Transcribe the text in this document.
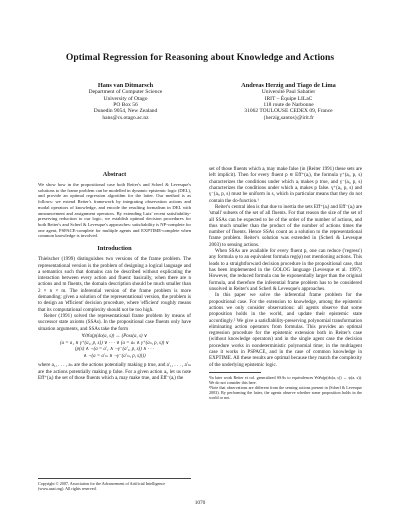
Optimal Regression for Reasoning about Knowledge and Actions
Hans van Ditmarsch
Department of Computer Science
University of Otago
PO Box 56
Dunedin 9054, New Zealand
hans@cs.otago.ac.nz
Andreas Herzig and Tiago de Lima
Université Paul Sabatier
IRIT – Équipe LILaC
118 route de Narbonne
31062 TOULOUSE CEDEX 09, France
{herzig,santos}@irit.fr
Abstract

We show how in the propositional case both Reiter's and Scherl & Levesque's solutions to the frame problem can be modelled in dynamic epistemic logic (DEL), and provide an optimal regression algorithm for the latter. Our method is as follows: we extend Reiter's framework by integrating observation actions and modal operators of knowledge, and encode the resulting formalism in DEL with announcement and assignment operators. By extending Lutz' recent satisfiability-preserving reduction to our logic, we establish optimal decision procedures for both Reiter's and Scherl & Levesque's approaches: satisfiability is NP-complete for one agent, PSPACE-complete for multiple agents and EXPTIME-complete when common knowledge is involved.

Introduction

Thielscher (1999) distinguishes two versions of the frame problem. The representational version is the problem of designing a logical language and a semantics such that domains can be described without explicating the interaction between every action and fluent: basically, when there are n actions and m fluents, the domain description should be much smaller than 2 × n × m. The inferential version of the frame problem is more demanding: given a solution of the representational version, the problem is to design an 'efficient' decision procedure, where 'efficient' roughly means that its computational complexity should not be too high.

Reiter (1991) solved the representational frame problem by means of successor state axioms (SSAs). In the propositional case fluents only have situation arguments, and SSAs take the form

∀s∀a(p(do(a, s)) ↔ (Poss(a, s) ∨
(a = a₁ ∧ γ⁺(a₁, p, s)) ∨ · · · ∨ (a = aₙ ∧ γ⁺(aₙ, p, s)) ∨
(p(s) ∧ ¬(a = a′₁ ∧ ¬γ⁻(a′₁, p, s)) ∧ · · ·
∧ ¬(a = a′ₘ ∧ ¬γ⁻(a′ₘ, p, s))))

where a₁, . . . , aₙ are the actions potentially making p true, and a′₁, . . . , a′ₘ are the actions potentially making p false. For a given action aᵢ, let us note Eff⁺(aᵢ) the set of those fluents which aᵢ may make true, and Eff⁻(aᵢ) the

Copyright © 2007, Association for the Advancement of Artificial Intelligence (www.aaai.org). All rights reserved.

set of those fluents which aᵢ may make false (in (Reiter 1991) these sets are left implicit). Then for every fluent p ∈ Eff⁺(aᵢ), the formula γ⁺(aᵢ, p, s) characterizes the conditions under which aᵢ makes p true, and γ⁻(aᵢ, p, s) characterizes the conditions under which aᵢ makes p false. γ⁺(aᵢ, p, s) and γ⁻(aᵢ, p, s) must be uniform in s, which in particular means that they do not contain the do-function.¹

Reiter's central idea is that due to inertia the sets Eff⁺(aᵢ) and Eff⁻(aᵢ) are 'small' subsets of the set of all fluents. For that reason the size of the set of all SSAs can be expected to be of the order of the number of actions, and thus much smaller than the product of the number of actions times the number of fluents. Hence SSAs count as a solution to the representational frame problem. Reiter's solution was extended in (Scherl & Levesque 2003) to sensing actions.

When SSAs are available for every fluent p, one can reduce ('regress') any formula φ to an equivalent formula reg(φ) not mentioning actions. This leads to a straightforward decision procedure in the propositional case, that has been implemented in the GOLOG language (Levesque et al. 1997). However, the reduced formula can be exponentially larger than the original formula, and therefore the inferential frame problem has to be considered unsolved in Reiter's and Scherl & Levesque's approaches.

In this paper we solve the inferential frame problem for the propositional case. For the extension to knowledge, among the epistemic actions we only consider observations: all agents observe that some proposition holds in the world, and update their epistemic state accordingly.² We give a satisfiability-preserving polynomial transformation eliminating action operators from formulas. This provides an optimal regression procedure for the epistemic extension both in Reiter's case (without knowledge operators) and in the single agent case the decision procedure works in nondeterministic polynomial time; in the multiagent case it works in PSPACE, and in the case of common knowledge in EXPTIME. All these results are optimal because they match the complexity of the underlying epistemic logic.

¹In later work Reiter et col. generalized SSAs to equivalences ∀s∀a(p(do(a, s)) ↔ ψ(a, s)). We do not consider this here.

²Note that observations are different from the sensing actions present in (Scherl & Levesque 2003). By performing the latter, the agents observe whether some proposition holds in the world or not.

1070
